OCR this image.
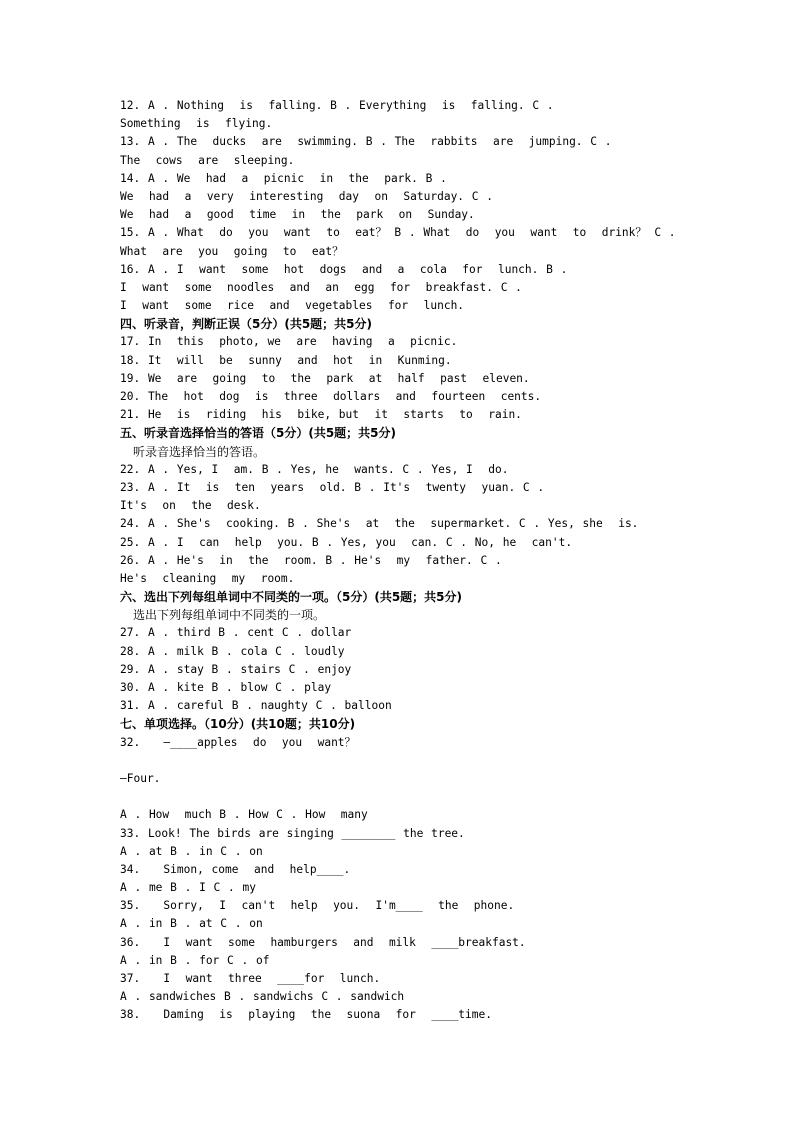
12. A . Nothing  is  falling. B . Everything  is  falling. C .
Something  is  flying.
13. A . The  ducks  are  swimming. B . The  rabbits  are  jumping. C .
The  cows  are  sleeping.
14. A . We  had  a  picnic  in  the  park. B .
We  had  a  very  interesting  day  on  Saturday. C .
We  had  a  good  time  in  the  park  on  Sunday.
15. A . What  do  you  want  to  eat？ B . What  do  you  want  to  drink？ C .
What  are  you  going  to  eat？
16. A . I  want  some  hot  dogs  and  a  cola  for  lunch. B .
I  want  some  noodles  and  an  egg  for  breakfast. C .
I  want  some  rice  and  vegetables  for  lunch.
四、听录音，判断正误（5分）(共5题；共5分)
17. In  this  photo, we  are  having  a  picnic.
18. It  will  be  sunny  and  hot  in  Kunming.
19. We  are  going  to  the  park  at  half  past  eleven.
20. The  hot  dog  is  three  dollars  and  fourteen  cents.
21. He  is  riding  his  bike, but  it  starts  to  rain.
五、听录音选择恰当的答语（5分）(共5题；共5分)
听录音选择恰当的答语。
22. A . Yes, I  am. B . Yes, he  wants. C . Yes, I  do.
23. A . It  is  ten  years  old. B . It's  twenty  yuan. C .
It's  on  the  desk.
24. A . She's  cooking. B . She's  at  the  supermarket. C . Yes, she  is.
25. A . I  can  help  you. B . Yes, you  can. C . No, he  can't.
26. A . He's  in  the  room. B . He's  my  father. C .
He's  cleaning  my  room.
六、选出下列每组单词中不同类的一项。（5分）(共5题；共5分)
选出下列每组单词中不同类的一项。
27. A . third B . cent C . dollar
28. A . milk B . cola C . loudly
29. A . stay B . stairs C . enjoy
30. A . kite B . blow C . play
31. A . careful B . naughty C . balloon
七、单项选择。（10分）(共10题；共10分)
32.   —____apples  do  you  want？
—Four.
A . How  much B . How C . How  many
33. Look! The birds are singing ________ the tree.
A . at B . in C . on
34.   Simon, come  and  help____.
A . me B . I C . my
35.   Sorry,  I  can't  help  you.  I'm____  the  phone.
A . in B . at C . on
36.   I  want  some  hamburgers  and  milk  ____breakfast.
A . in B . for C . of
37.   I  want  three  ____for  lunch.
A . sandwiches B . sandwichs C . sandwich
38.   Daming  is  playing  the  suona  for  ____time.
